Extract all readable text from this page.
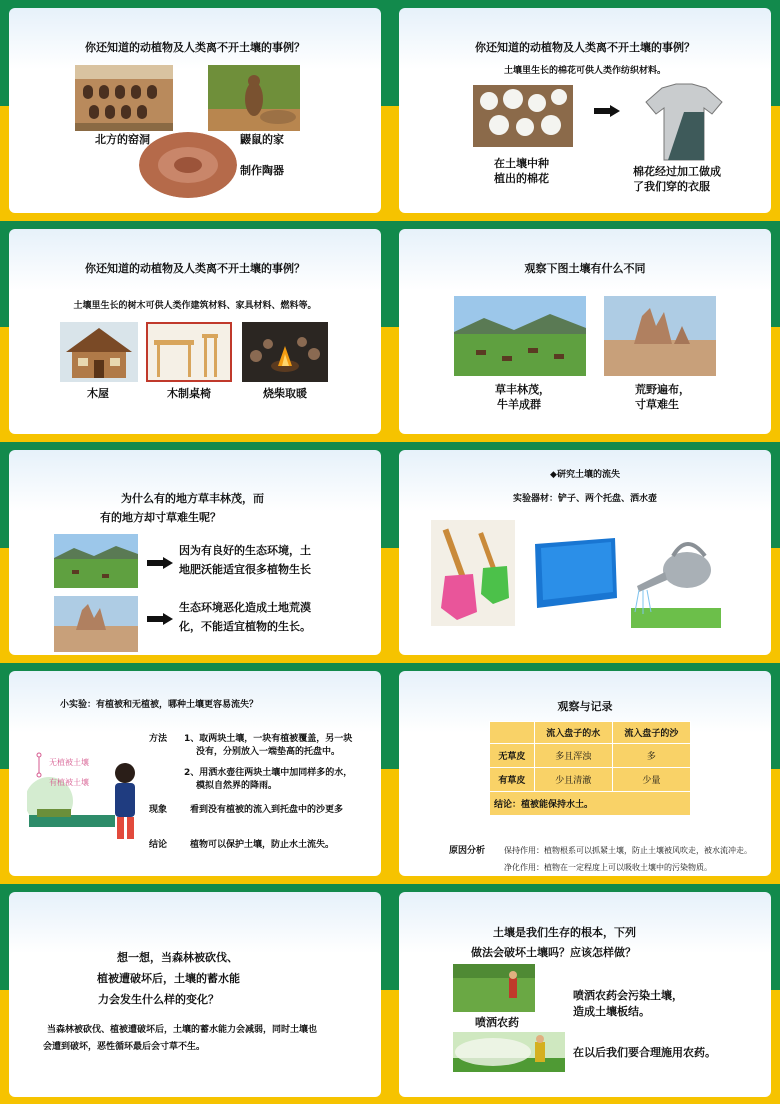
你还知道的动植物及人类离不开土壤的事例？
北方的窑洞	鼹鼠的家
制作陶器
你还知道的动植物及人类离不开土壤的事例？
土壤里生长的棉花可供人类作纺织材料。
在土壤中种
植出的棉花
棉花经过加工做成
了我们穿的衣服
你还知道的动植物及人类离不开土壤的事例？
土壤里生长的树木可供人类作建筑材料、家具材料、燃料等。
木屋	木制桌椅	烧柴取暖
观察下图土壤有什么不同
草丰林茂，
牛羊成群
荒野遍布，
寸草难生
为什么有的地方草丰林茂，而
有的地方却寸草难生呢？
因为有良好的生态环境，土
地肥沃能适宜很多植物生长
生态环境恶化造成土地荒漠
化，不能适宜植物的生长。
◆研究土壤的流失
实验器材：铲子、两个托盘、洒水壶
小实验：有植被和无植被，哪种土壤更容易流失？
无植被土壤
有植被土壤
方法 1、取两块土壤，一块有植被覆盖，另一块
没有，分别放入一端垫高的托盘中。
2、用洒水壶往两块土壤中加同样多的水，
模拟自然界的降雨。
现象	看到没有植被的流入到托盘中的沙更多
结论	植物可以保护土壤，防止水土流失。
观察与记录
	流入盘子的水	流入盘子的沙
无草皮	多且浑浊	多
有草皮	少且清澈	少量
结论：植被能保持水土。		
原因分析 保持作用：植物根系可以抓紧土壤，防止土壤被风吹走，被水流冲走。
净化作用：植物在一定程度上可以吸收土壤中的污染物质。
想一想，当森林被砍伐、
植被遭破坏后，土壤的蓄水能
力会发生什么样的变化？
当森林被砍伐、植被遭破坏后，土壤的蓄水能力会减弱，同时土壤也
会遭到破坏，恶性循环最后会寸草不生。
土壤是我们生存的根本，下列
做法会破坏土壤吗？应该怎样做？
喷洒农药
喷洒农药会污染土壤，
造成土壤板结。
在以后我们要合理施用农药。
